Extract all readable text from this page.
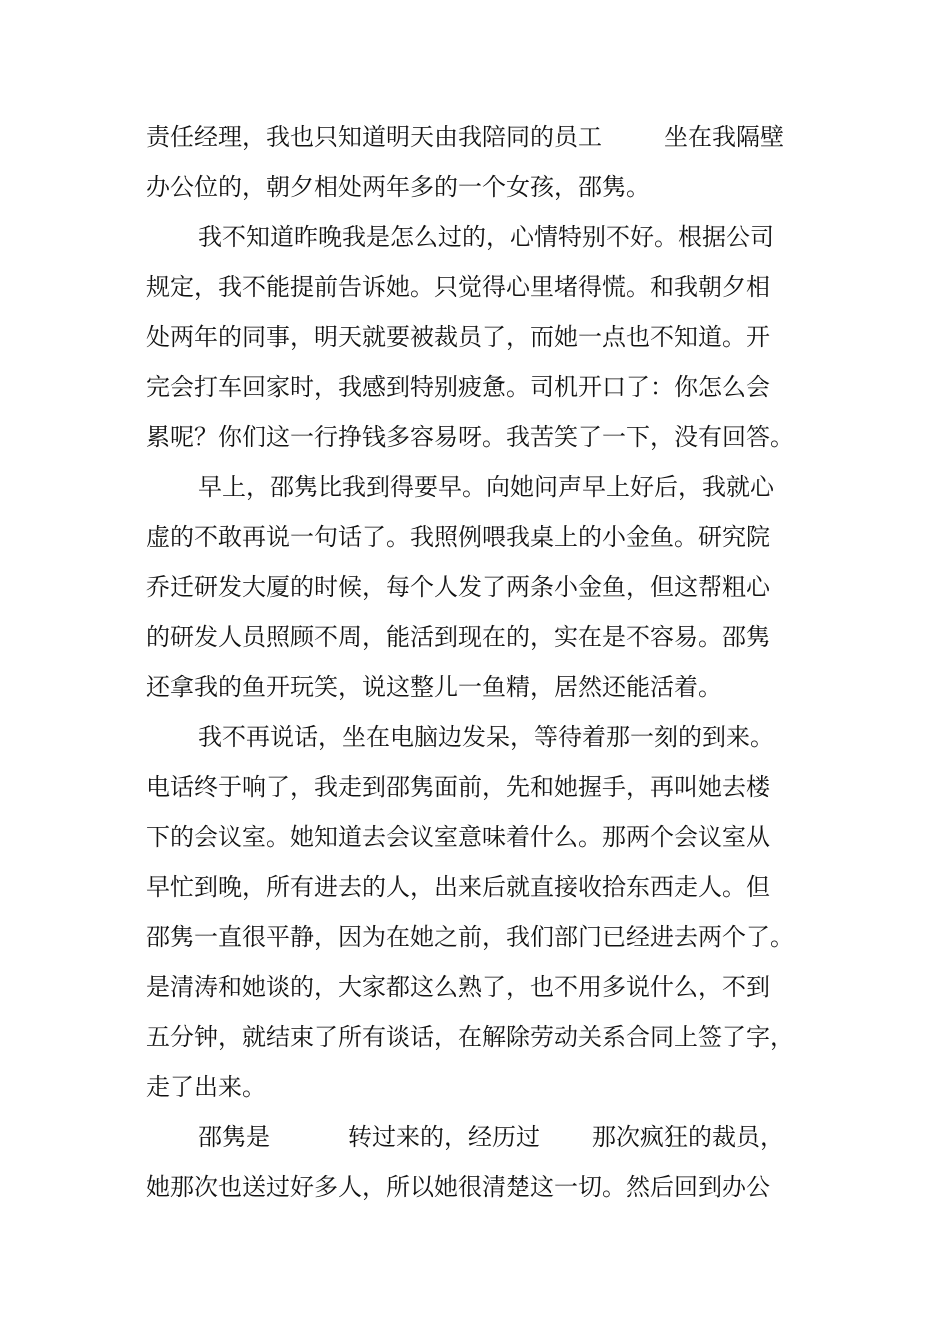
责任经理，我也只知道明天由我陪同的员工	坐在我隔壁
办公位的，朝夕相处两年多的一个女孩，邵隽。
我不知道昨晚我是怎么过的，心情特别不好。根据公司
规定，我不能提前告诉她。只觉得心里堵得慌。和我朝夕相
处两年的同事，明天就要被裁员了，而她一点也不知道。开
完会打车回家时，我感到特别疲惫。司机开口了：你怎么会
累呢？你们这一行挣钱多容易呀。我苦笑了一下，没有回答。
早上，邵隽比我到得要早。向她问声早上好后，我就心
虚的不敢再说一句话了。我照例喂我桌上的小金鱼。研究院
乔迁研发大厦的时候，每个人发了两条小金鱼，但这帮粗心
的研发人员照顾不周，能活到现在的，实在是不容易。邵隽
还拿我的鱼开玩笑，说这整儿一鱼精，居然还能活着。
我不再说话，坐在电脑边发呆，等待着那一刻的到来。
电话终于响了，我走到邵隽面前，先和她握手，再叫她去楼
下的会议室。她知道去会议室意味着什么。那两个会议室从
早忙到晚，所有进去的人，出来后就直接收拾东西走人。但
邵隽一直很平静，因为在她之前，我们部门已经进去两个了。
是清涛和她谈的，大家都这么熟了，也不用多说什么，不到
五分钟，就结束了所有谈话，在解除劳动关系合同上签了字，
走了出来。
邵隽是	转过来的，经历过 那次疯狂的裁员，
她那次也送过好多人，所以她很清楚这一切。然后回到办公
